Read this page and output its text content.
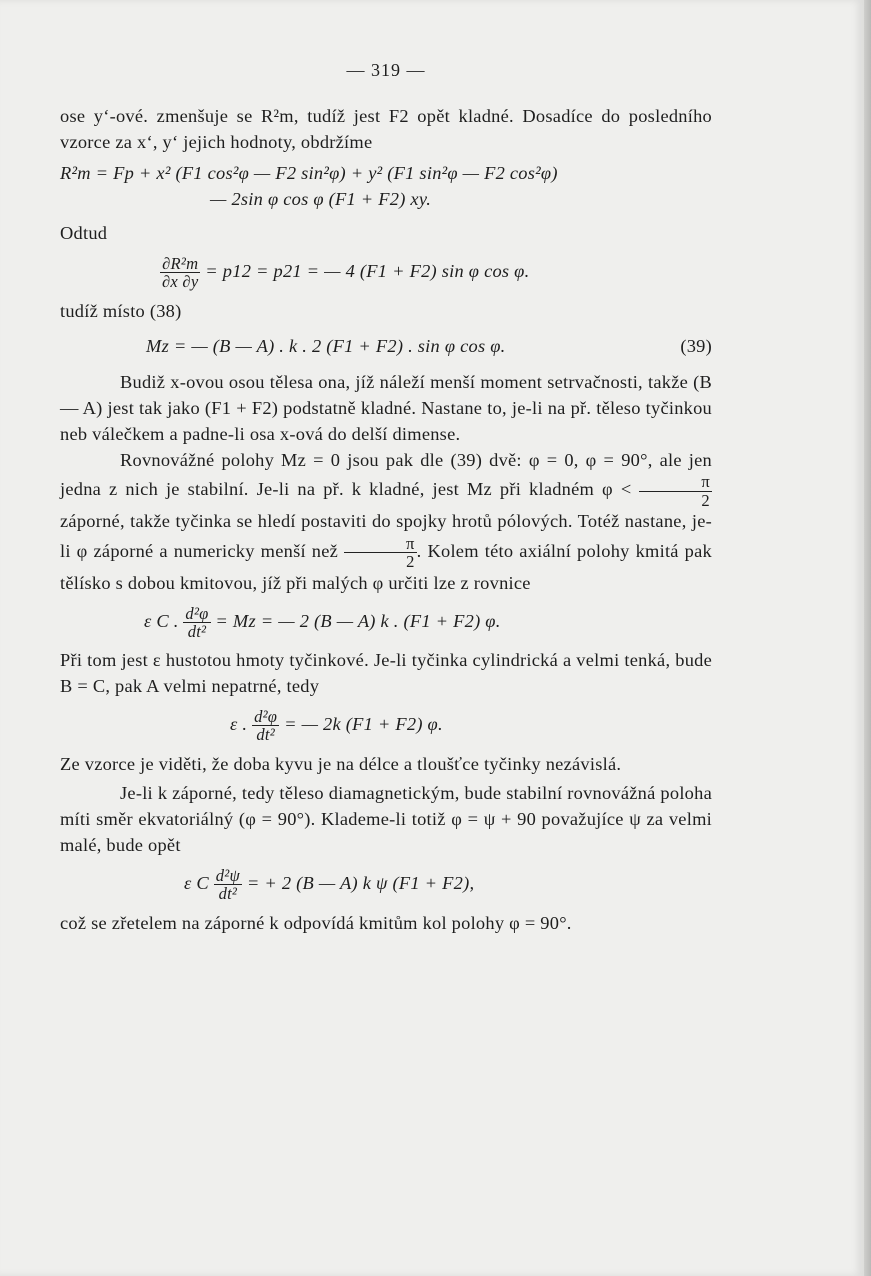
— 319 —

ose y‘-ové. zmenšuje se R²m, tudíž jest F2 opět kladné. Dosadíce do posledního vzorce za x‘, y‘ jejich hodnoty, obdržíme

R²m = Fp + x² (F1 cos²φ — F2 sin²φ) + y² (F1 sin²φ — F2 cos²φ)
— 2sin φ cos φ (F1 + F2) xy.

Odtud

$\frac{\text{∂R²m}}{\partial x \partial y} = p12 = p21$ = — 4 (F1 + F2) sin φ cos φ.

tudíž místo (38)

(39)
Mz = — (B — A) . k . 2 (F1 + F2) . sin φ cos φ.

Budiž x-ovou osou tělesa ona, jíž náleží menší moment setrvačnosti, takže (B — A) jest tak jako (F1 + F2) podstatně kladné. Nastane to, je-li na př. těleso tyčinkou neb válečkem a padne-li osa x-ová do delší dimense.

Rovnovážné polohy Mz = 0 jsou pak dle (39) dvě: φ = 0, φ = 90°, ale jen jedna z nich je stabilní. Je-li na př. k kladné, jest Mz při kladném $\varphi < \frac{\pi}{2}$
záporné, takže tyčinka se hledí postaviti do spojky hrotů pólových. Totéž nastane, je-li φ záporné a numericky menší než $\frac{\pi}{2}$ . Kolem této axiální polohy kmitá pak tělísko s dobou kmitovou, jíž při malých φ určiti lze z rovnice

ε C . $\frac{\text{d²φ}}{\text{dt²}} = Mz$ = — 2 (B — A) k . (F1 + F2) φ.

Při tom jest ε hustotou hmoty tyčinkové. Je-li tyčinka cylindrická a velmi tenká, bude B = C, pak A velmi nepatrné, tedy

ε . $\frac{\text{d²φ}}{\text{dt²}}$ = — 2k (F1 + F2) φ.

Ze vzorce je viděti, že doba kyvu je na délce a tloušťce tyčinky nezávislá.

Je-li k záporné, tedy těleso diamagnetickým, bude stabilní rovnovážná poloha míti směr ekvatoriálný (φ = 90°). Klademe-li totiž φ = ψ + 90 považujíce ψ za velmi malé, bude opět

ε C $\frac{\text{d²ψ}}{\text{dt²}}$ = + 2 (B — A) k ψ (F1 + F2),

což se zřetelem na záporné k odpovídá kmitům kol polohy φ = 90°.
